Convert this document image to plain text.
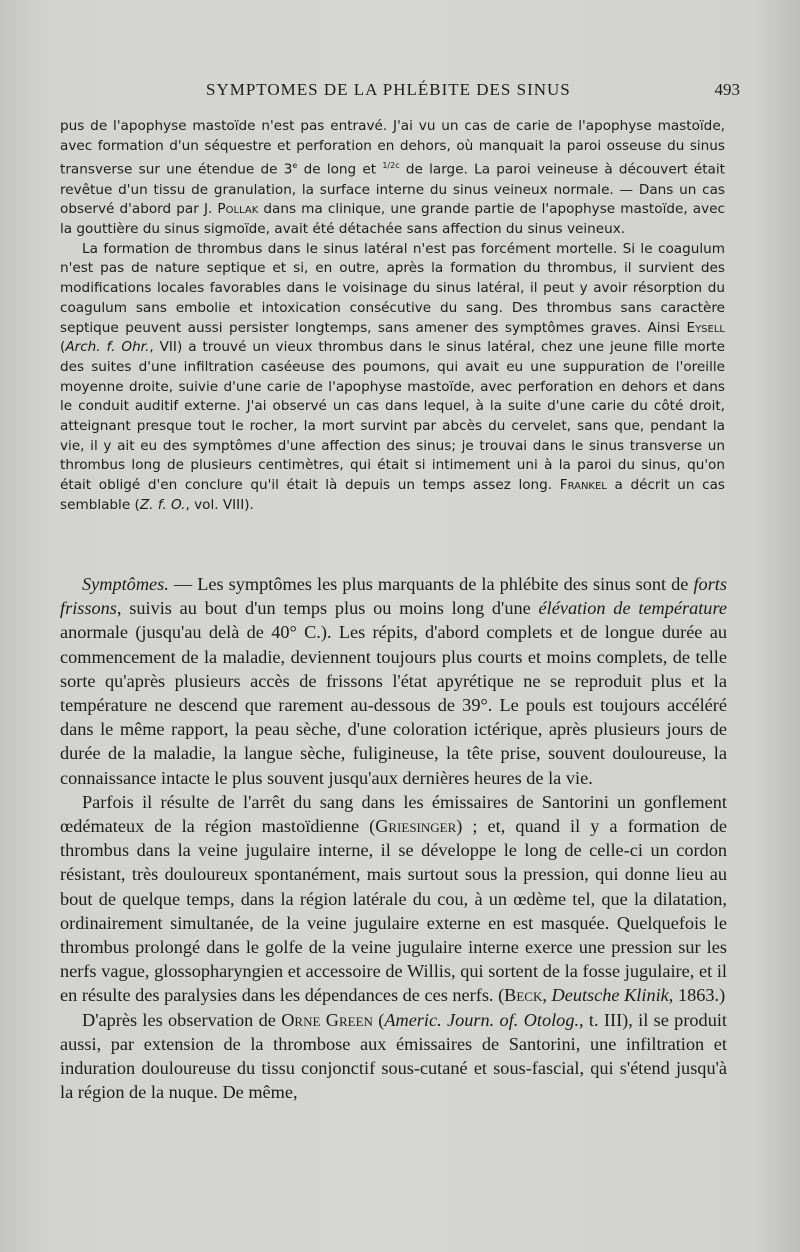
SYMPTOMES DE LA PHLÉBITE DES SINUS	493

pus de l'apophyse mastoïde n'est pas entravé. J'ai vu un cas de carie de l'apophyse mastoïde, avec formation d'un séquestre et perforation en dehors, où manquait la paroi osseuse du sinus transverse sur une étendue de 3e de long et $^{1/2c}$ de large. La paroi veineuse à découvert était revêtue d'un tissu de granulation, la surface interne du sinus veineux normale. — Dans un cas observé d'abord par J. Pollak dans ma clinique, une grande partie de l'apophyse mastoïde, avec la gouttière du sinus sigmoïde, avait été détachée sans affection du sinus veineux.

La formation de thrombus dans le sinus latéral n'est pas forcément mortelle. Si le coagulum n'est pas de nature septique et si, en outre, après la formation du thrombus, il survient des modifications locales favorables dans le voisinage du sinus latéral, il peut y avoir résorption du coagulum sans embolie et intoxication consécutive du sang. Des thrombus sans caractère septique peuvent aussi persister longtemps, sans amener des symptômes graves. Ainsi Eysell (Arch. f. Ohr., VII) a trouvé un vieux thrombus dans le sinus latéral, chez une jeune fille morte des suites d'une infiltration caséeuse des poumons, qui avait eu une suppuration de l'oreille moyenne droite, suivie d'une carie de l'apophyse mastoïde, avec perforation en dehors et dans le conduit auditif externe. J'ai observé un cas dans lequel, à la suite d'une carie du côté droit, atteignant presque tout le rocher, la mort survint par abcès du cervelet, sans que, pendant la vie, il y ait eu des symptômes d'une affection des sinus; je trouvai dans le sinus transverse un thrombus long de plusieurs centimètres, qui était si intimement uni à la paroi du sinus, qu'on était obligé d'en conclure qu'il était là depuis un temps assez long. Frankel a décrit un cas semblable (Z. f. O., vol. VIII).

Symptômes. — Les symptômes les plus marquants de la phlébite des sinus sont de forts frissons, suivis au bout d'un temps plus ou moins long d'une élévation de température anormale (jusqu'au delà de 40° C.). Les répits, d'abord complets et de longue durée au commencement de la maladie, deviennent toujours plus courts et moins complets, de telle sorte qu'après plusieurs accès de frissons l'état apyrétique ne se reproduit plus et la température ne descend que rarement au-dessous de 39°. Le pouls est toujours accéléré dans le même rapport, la peau sèche, d'une coloration ictérique, après plusieurs jours de durée de la maladie, la langue sèche, fuligineuse, la tête prise, souvent douloureuse, la connaissance intacte le plus souvent jusqu'aux dernières heures de la vie.

Parfois il résulte de l'arrêt du sang dans les émissaires de Santorini un gonflement œdémateux de la région mastoïdienne (Griesinger) ; et, quand il y a formation de thrombus dans la veine jugulaire interne, il se développe le long de celle-ci un cordon résistant, très douloureux spontanément, mais surtout sous la pression, qui donne lieu au bout de quelque temps, dans la région latérale du cou, à un œdème tel, que la dilatation, ordinairement simultanée, de la veine jugulaire externe en est masquée. Quelquefois le thrombus prolongé dans le golfe de la veine jugulaire interne exerce une pression sur les nerfs vague, glossopharyngien et accessoire de Willis, qui sortent de la fosse jugulaire, et il en résulte des paralysies dans les dépendances de ces nerfs. (Beck, Deutsche Klinik, 1863.)

D'après les observation de Orne Green (Americ. Journ. of. Otolog., t. III), il se produit aussi, par extension de la thrombose aux émissaires de Santorini, une infiltration et induration douloureuse du tissu conjonctif sous-cutané et sous-fascial, qui s'étend jusqu'à la région de la nuque. De même,
